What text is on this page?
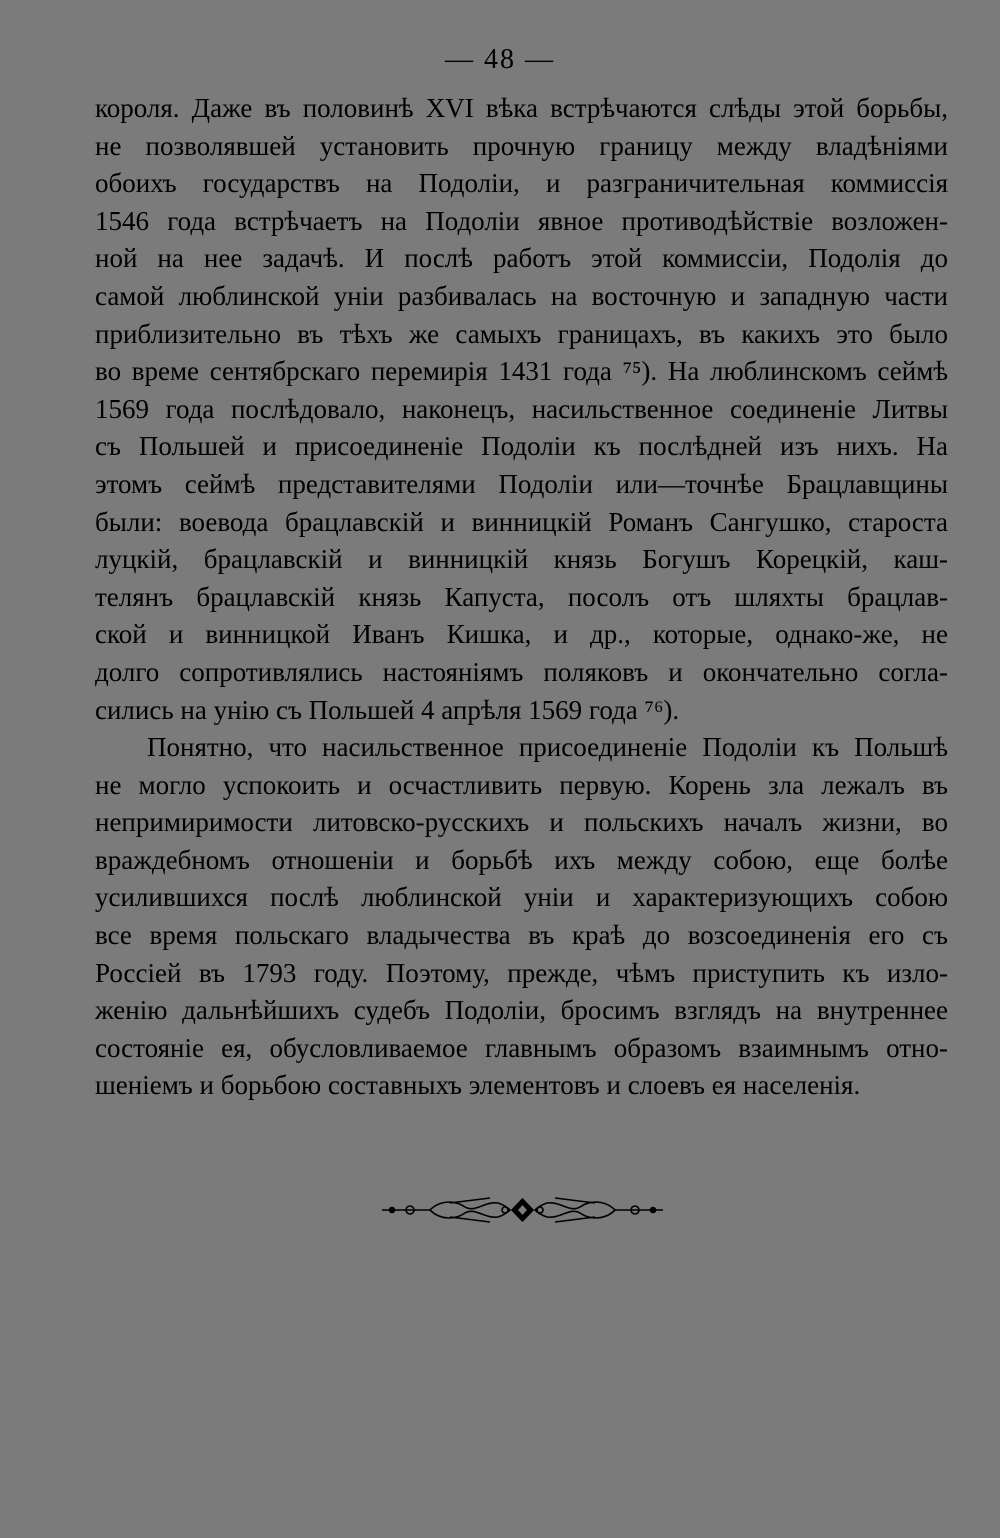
— 48 —
короля. Даже въ половинѣ XVI вѣка встрѣчаются слѣды этой борьбы,
не позволявшей установить прочную границу между владѣніями
обоихъ государствъ на Подоліи, и разграничительная коммиссія
1546 года встрѣчаетъ на Подоліи явное противодѣйствіе возложен-
ной на нее задачѣ. И послѣ работъ этой коммиссіи, Подолія до
самой люблинской уніи разбивалась на восточную и западную части
приблизительно въ тѣхъ же самыхъ границахъ, въ какихъ это было
во време сентябрскаго перемирія 1431 года ⁷⁵). На люблинскомъ сеймѣ
1569 года послѣдовало, наконецъ, насильственное соединеніе Литвы
съ Польшей и присоединеніе Подоліи къ послѣдней изъ нихъ. На
этомъ сеймѣ представителями Подоліи или—точнѣе Брацлавщины
были: воевода брацлавскій и винницкій Романъ Сангушко, староста
луцкій, брацлавскій и винницкій князь Богушъ Корецкій, каш-
телянъ брацлавскій князь Капуста, посолъ отъ шляхты брацлав-
ской и винницкой Иванъ Кишка, и др., которые, однако-же, не
долго сопротивлялись настояніямъ поляковъ и окончательно согла-
сились на унію съ Польшей 4 апрѣля 1569 года ⁷⁶).
Понятно, что насильственное присоединеніе Подоліи къ Польшѣ
не могло успокоить и осчастливить первую. Корень зла лежалъ въ
непримиримости литовско-русскихъ и польскихъ началъ жизни, во
враждебномъ отношеніи и борьбѣ ихъ между собою, еще болѣе
усилившихся послѣ люблинской уніи и характеризующихъ собою
все время польскаго владычества въ краѣ до возсоединенія его съ
Россіей въ 1793 году. Поэтому, прежде, чѣмъ приступить къ изло-
женію дальнѣйшихъ судебъ Подоліи, бросимъ взглядъ на внутреннее
состояніе ея, обусловливаемое главнымъ образомъ взаимнымъ отно-
шеніемъ и борьбою составныхъ элементовъ и слоевъ ея населенія.
